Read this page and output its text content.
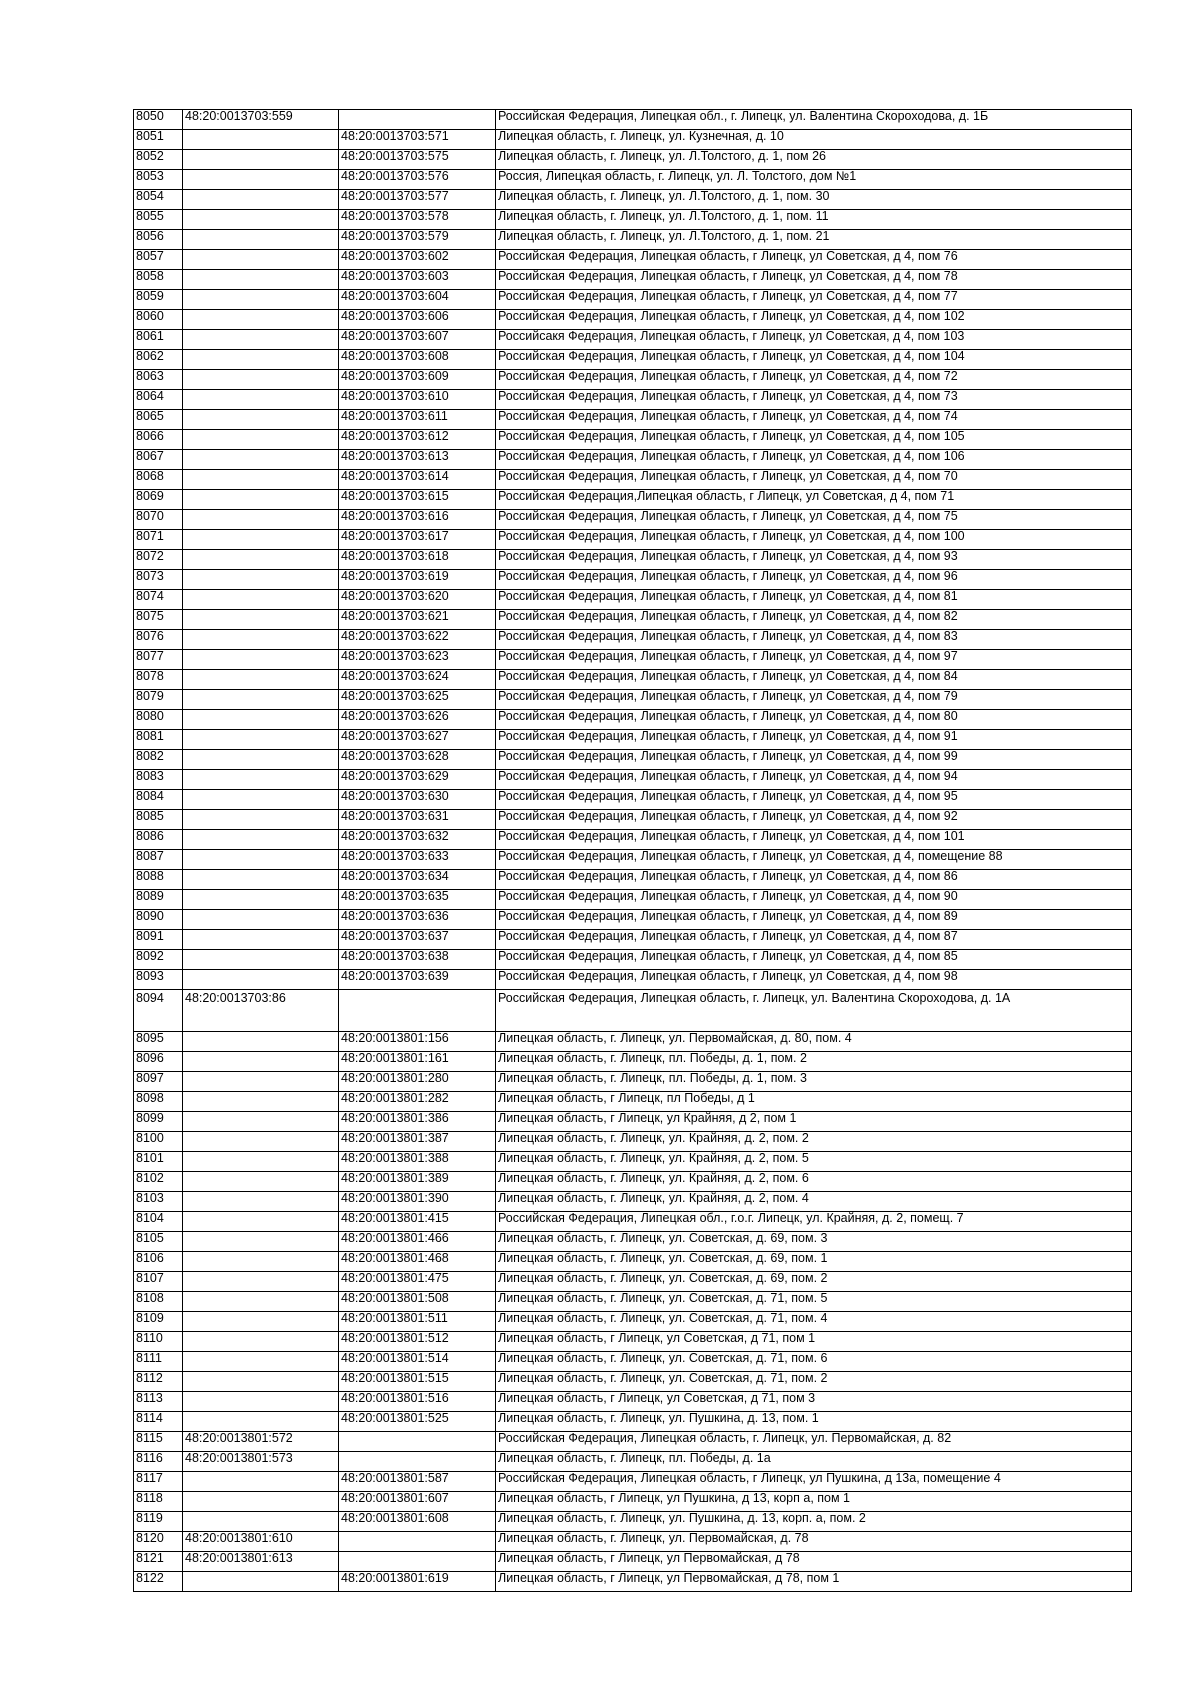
8050	48:20:0013703:559		Российская Федерация, Липецкая обл., г. Липецк, ул. Валентина Скороходова, д. 1Б
8051		48:20:0013703:571	Липецкая область, г. Липецк, ул. Кузнечная, д. 10
8052		48:20:0013703:575	Липецкая область, г. Липецк, ул. Л.Толстого, д. 1, пом 26
8053		48:20:0013703:576	Россия, Липецкая область, г. Липецк, ул. Л. Толстого, дом №1
8054		48:20:0013703:577	Липецкая область, г. Липецк, ул. Л.Толстого, д. 1, пом. 30
8055		48:20:0013703:578	Липецкая область, г. Липецк, ул. Л.Толстого, д. 1, пом. 11
8056		48:20:0013703:579	Липецкая область, г. Липецк, ул. Л.Толстого, д. 1, пом. 21
8057		48:20:0013703:602	Российская Федерация, Липецкая область, г Липецк, ул Советская, д 4, пом 76
8058		48:20:0013703:603	Российская Федерация, Липецкая область, г Липецк, ул Советская, д 4, пом 78
8059		48:20:0013703:604	Российская Федерация, Липецкая область, г Липецк, ул Советская, д 4, пом 77
8060		48:20:0013703:606	Российская Федерация, Липецкая область, г Липецк, ул Советская, д 4, пом 102
8061		48:20:0013703:607	Российсакя Федерация, Липецкая область, г Липецк, ул Советская, д 4, пом 103
8062		48:20:0013703:608	Российская Федерация, Липецкая область, г Липецк, ул Советская, д 4, пом 104
8063		48:20:0013703:609	Российская Федерация, Липецкая область, г Липецк, ул Советская, д 4, пом 72
8064		48:20:0013703:610	Российская Федерация, Липецкая область, г Липецк, ул Советская, д 4, пом 73
8065		48:20:0013703:611	Российская Федерация, Липецкая область, г Липецк, ул Советская, д 4, пом 74
8066		48:20:0013703:612	Российская Федерация, Липецкая область, г Липецк, ул Советская, д 4, пом 105
8067		48:20:0013703:613	Российская Федерация, Липецкая область, г Липецк, ул Советская, д 4, пом 106
8068		48:20:0013703:614	Российская Федерация, Липецкая область, г Липецк, ул Советская, д 4, пом 70
8069		48:20:0013703:615	Российская Федерация,Липецкая область, г Липецк, ул Советская, д 4, пом 71
8070		48:20:0013703:616	Российская Федерация, Липецкая область, г Липецк, ул Советская, д 4, пом 75
8071		48:20:0013703:617	Российская Федерация, Липецкая область, г Липецк, ул Советская, д 4, пом 100
8072		48:20:0013703:618	Российская Федерация, Липецкая область, г Липецк, ул Советская, д 4, пом 93
8073		48:20:0013703:619	Российская Федерация, Липецкая область, г Липецк, ул Советская, д 4, пом 96
8074		48:20:0013703:620	Российская Федерация, Липецкая область, г Липецк, ул Советская, д 4, пом 81
8075		48:20:0013703:621	Российская Федерация, Липецкая область, г Липецк, ул Советская, д 4, пом 82
8076		48:20:0013703:622	Российская Федерация, Липецкая область, г Липецк, ул Советская, д 4, пом 83
8077		48:20:0013703:623	Российская Федерация, Липецкая область, г Липецк, ул Советская, д 4, пом 97
8078		48:20:0013703:624	Российская Федерация, Липецкая область, г Липецк, ул Советская, д 4, пом 84
8079		48:20:0013703:625	Российская Федерация, Липецкая область, г Липецк, ул Советская, д 4, пом 79
8080		48:20:0013703:626	Российская Федерация, Липецкая область, г Липецк, ул Советская, д 4, пом 80
8081		48:20:0013703:627	Российская Федерация, Липецкая область, г Липецк, ул Советская, д 4, пом 91
8082		48:20:0013703:628	Российская Федерация, Липецкая область, г Липецк, ул Советская, д 4, пом 99
8083		48:20:0013703:629	Российская Федерация, Липецкая область, г Липецк, ул Советская, д 4, пом 94
8084		48:20:0013703:630	Российская Федерация, Липецкая область, г Липецк, ул Советская, д 4, пом 95
8085		48:20:0013703:631	Российская Федерация, Липецкая область, г Липецк, ул Советская, д 4, пом 92
8086		48:20:0013703:632	Российская Федерация, Липецкая область, г Липецк, ул Советская, д 4, пом 101
8087		48:20:0013703:633	Российская Федерация, Липецкая область, г Липецк, ул Советская, д 4, помещение 88
8088		48:20:0013703:634	Российская Федерация, Липецкая область, г Липецк, ул Советская, д 4, пом 86
8089		48:20:0013703:635	Российская Федерация, Липецкая область, г Липецк, ул Советская, д 4, пом 90
8090		48:20:0013703:636	Российская Федерация, Липецкая область, г Липецк, ул Советская, д 4, пом 89
8091		48:20:0013703:637	Российская Федерация, Липецкая область, г Липецк, ул Советская, д 4, пом 87
8092		48:20:0013703:638	Российская Федерация, Липецкая область, г Липецк, ул Советская, д 4, пом 85
8093		48:20:0013703:639	Российская Федерация, Липецкая область, г Липецк, ул Советская, д 4, пом 98
8094	48:20:0013703:86		Российская Федерация, Липецкая область, г. Липецк, ул. Валентина Скороходова, д. 1А
8095		48:20:0013801:156	Липецкая область, г. Липецк, ул. Первомайская, д. 80, пом. 4
8096		48:20:0013801:161	Липецкая область, г. Липецк, пл. Победы, д. 1, пом. 2
8097		48:20:0013801:280	Липецкая область, г. Липецк, пл. Победы, д. 1, пом. 3
8098		48:20:0013801:282	Липецкая область, г Липецк, пл Победы, д 1
8099		48:20:0013801:386	Липецкая область, г Липецк, ул Крайняя, д 2, пом 1
8100		48:20:0013801:387	Липецкая область, г. Липецк, ул. Крайняя, д. 2, пом. 2
8101		48:20:0013801:388	Липецкая область, г. Липецк, ул. Крайняя, д. 2, пом. 5
8102		48:20:0013801:389	Липецкая область, г. Липецк, ул. Крайняя, д. 2, пом. 6
8103		48:20:0013801:390	Липецкая область, г. Липецк, ул. Крайняя, д. 2, пом. 4
8104		48:20:0013801:415	Российская Федерация, Липецкая обл., г.о.г. Липецк, ул. Крайняя, д. 2, помещ. 7
8105		48:20:0013801:466	Липецкая область, г. Липецк, ул. Советская, д. 69, пом. 3
8106		48:20:0013801:468	Липецкая область, г. Липецк, ул. Советская, д. 69, пом. 1
8107		48:20:0013801:475	Липецкая область, г. Липецк, ул. Советская, д. 69, пом. 2
8108		48:20:0013801:508	Липецкая область, г. Липецк, ул. Советская, д. 71, пом. 5
8109		48:20:0013801:511	Липецкая область, г. Липецк, ул. Советская, д. 71, пом. 4
8110		48:20:0013801:512	Липецкая область, г Липецк, ул Советская, д 71, пом 1
8111		48:20:0013801:514	Липецкая область, г. Липецк, ул. Советская, д. 71, пом. 6
8112		48:20:0013801:515	Липецкая область, г. Липецк, ул. Советская, д. 71, пом. 2
8113		48:20:0013801:516	Липецкая область, г Липецк, ул Советская, д 71, пом 3
8114		48:20:0013801:525	Липецкая область, г. Липецк, ул. Пушкина, д. 13, пом. 1
8115	48:20:0013801:572		Российская Федерация, Липецкая область, г. Липецк, ул. Первомайская, д. 82
8116	48:20:0013801:573		Липецкая область, г. Липецк, пл. Победы, д. 1а
8117		48:20:0013801:587	Российская Федерация, Липецкая область, г Липецк, ул Пушкина, д 13а, помещение 4
8118		48:20:0013801:607	Липецкая область, г Липецк, ул Пушкина, д 13, корп а, пом 1
8119		48:20:0013801:608	Липецкая область, г. Липецк, ул. Пушкина, д. 13, корп. а, пом. 2
8120	48:20:0013801:610		Липецкая область, г. Липецк, ул. Первомайская, д. 78
8121	48:20:0013801:613		Липецкая область, г Липецк, ул Первомайская, д 78
8122		48:20:0013801:619	Липецкая область, г Липецк, ул Первомайская, д 78, пом 1
